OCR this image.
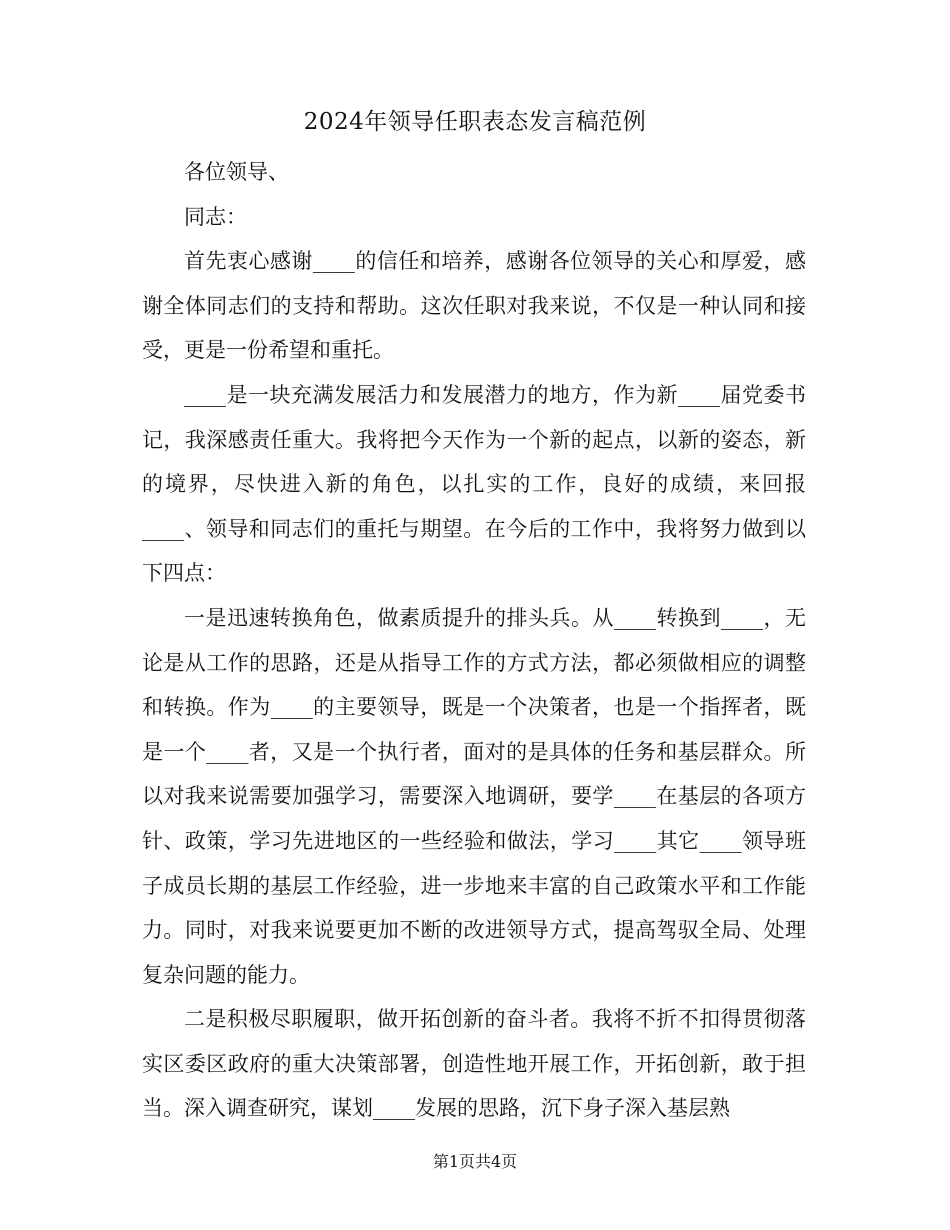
2024年领导任职表态发言稿范例

各位领导、

同志：

首先衷心感谢____的信任和培养，感谢各位领导的关心和厚爱，感谢全体同志们的支持和帮助。这次任职对我来说，不仅是一种认同和接受，更是一份希望和重托。

____是一块充满发展活力和发展潜力的地方，作为新____届党委书记，我深感责任重大。我将把今天作为一个新的起点，以新的姿态，新的境界，尽快进入新的角色，以扎实的工作，良好的成绩，来回报____、领导和同志们的重托与期望。在今后的工作中，我将努力做到以下四点：

一是迅速转换角色，做素质提升的排头兵。从____转换到____，无论是从工作的思路，还是从指导工作的方式方法，都必须做相应的调整和转换。作为____的主要领导，既是一个决策者，也是一个指挥者，既是一个____者，又是一个执行者，面对的是具体的任务和基层群众。所以对我来说需要加强学习，需要深入地调研，要学____在基层的各项方针、政策，学习先进地区的一些经验和做法，学习____其它____领导班子成员长期的基层工作经验，进一步地来丰富的自己政策水平和工作能力。同时，对我来说要更加不断的改进领导方式，提高驾驭全局、处理复杂问题的能力。

二是积极尽职履职，做开拓创新的奋斗者。我将不折不扣得贯彻落实区委区政府的重大决策部署，创造性地开展工作，开拓创新，敢于担当。深入调查研究，谋划____发展的思路，沉下身子深入基层熟

第1页共4页
